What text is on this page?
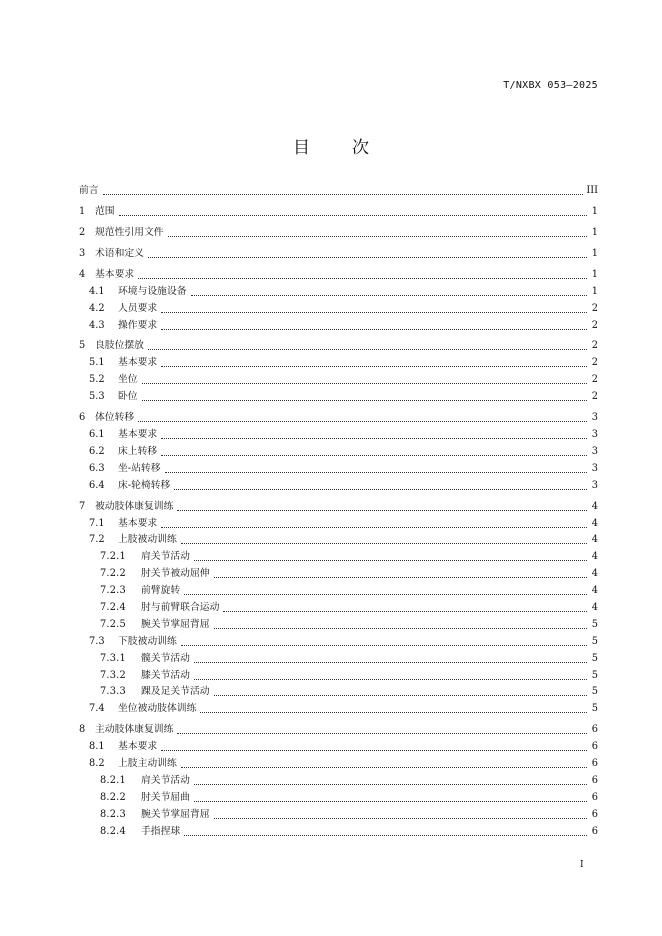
T/NXBX 053—2025
目 次
前言	III
1 范围	1
2 规范性引用文件	1
3 术语和定义	1
4 基本要求	1
4.1	环境与设施设备	1
4.2	人员要求	2
4.3	操作要求	2
5 良肢位摆放	2
5.1	基本要求	2
5.2	坐位	2
5.3	卧位	2
6 体位转移	3
6.1	基本要求	3
6.2	床上转移	3
6.3	坐-站转移	3
6.4	床-轮椅转移	3
7 被动肢体康复训练	4
7.1	基本要求	4
7.2	上肢被动训练	4
7.2.1	肩关节活动	4
7.2.2	肘关节被动屈伸	4
7.2.3	前臂旋转	4
7.2.4	肘与前臂联合运动	4
7.2.5	腕关节掌屈背屈	5
7.3	下肢被动训练	5
7.3.1	髋关节活动	5
7.3.2	膝关节活动	5
7.3.3	踝及足关节活动	5
7.4	坐位被动肢体训练	5
8 主动肢体康复训练	6
8.1	基本要求	6
8.2	上肢主动训练	6
8.2.1	肩关节活动	6
8.2.2	肘关节屈曲	6
8.2.3	腕关节掌屈背屈	6
8.2.4	手指捏球	6
I
